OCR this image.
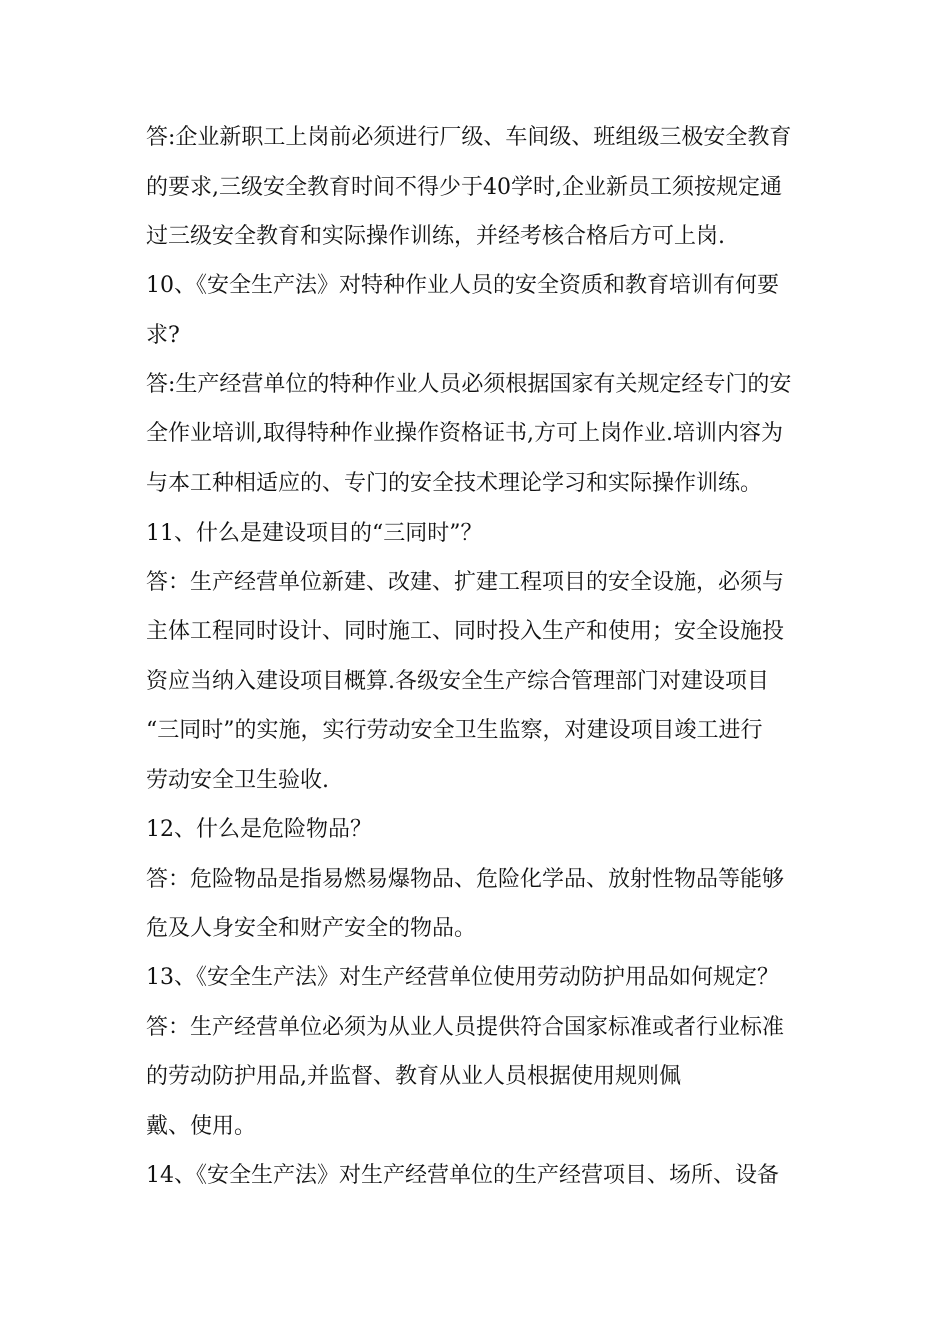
答:企业新职工上岗前必须进行厂级、车间级、班组级三极安全教育
的要求,三级安全教育时间不得少于40学时,企业新员工须按规定通
过三级安全教育和实际操作训练，并经考核合格后方可上岗.
10、《安全生产法》对特种作业人员的安全资质和教育培训有何要
求?
答:生产经营单位的特种作业人员必须根据国家有关规定经专门的安
全作业培训,取得特种作业操作资格证书,方可上岗作业.培训内容为
与本工种相适应的、专门的安全技术理论学习和实际操作训练。
11、什么是建设项目的“三同时”？
答：生产经营单位新建、改建、扩建工程项目的安全设施，必须与
主体工程同时设计、同时施工、同时投入生产和使用；安全设施投
资应当纳入建设项目概算.各级安全生产综合管理部门对建设项目
“三同时”的实施，实行劳动安全卫生监察，对建设项目竣工进行
劳动安全卫生验收.
12、什么是危险物品？
答：危险物品是指易燃易爆物品、危险化学品、放射性物品等能够
危及人身安全和财产安全的物品。
13、《安全生产法》对生产经营单位使用劳动防护用品如何规定？
答：生产经营单位必须为从业人员提供符合国家标准或者行业标准
的劳动防护用品,并监督、教育从业人员根据使用规则佩
戴、使用。
14、《安全生产法》对生产经营单位的生产经营项目、场所、设备
